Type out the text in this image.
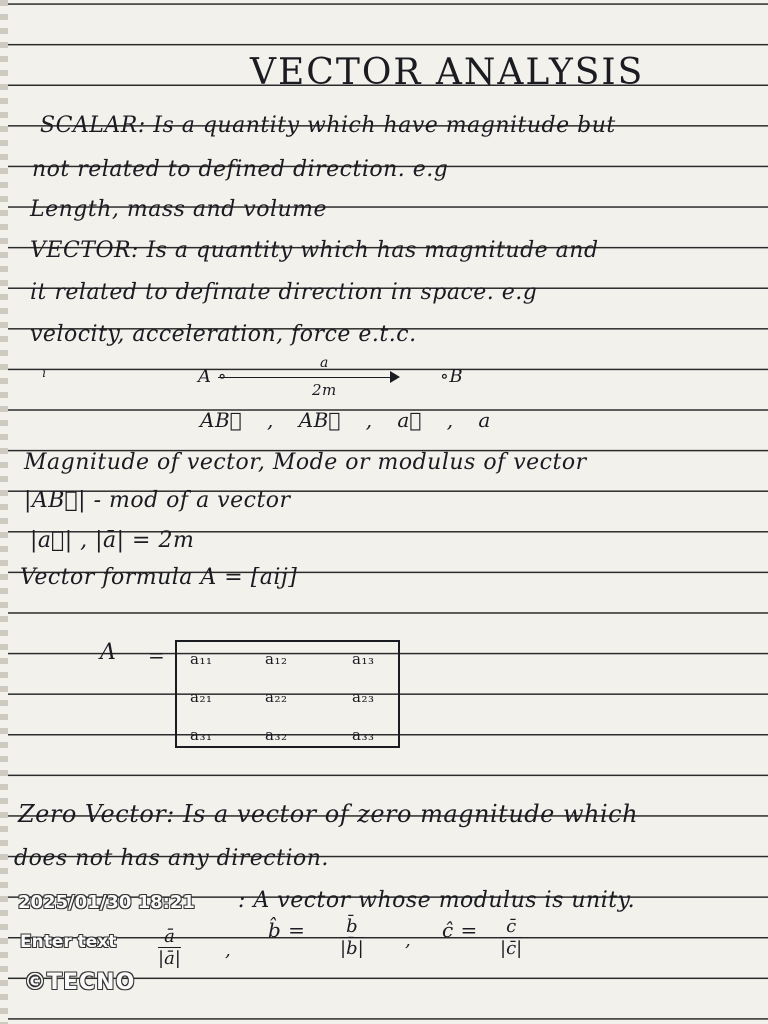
VECTOR ANALYSIS
SCALAR: Is a quantity which have magnitude but
not related to defined direction. e.g
Length, mass and volume
VECTOR: Is a quantity which has magnitude and
it related to definate direction in space. e.g
velocity, acceleration, force e.t.c.
ı	A ∘	∘B
a
2m
AB⃗ , AB⃗ , a⃗ , a
Magnitude of vector, Mode or modulus of vector
|AB⃗| - mod of a vector
|a⃗| , |ā| = 2m
Vector formula A = [aij]
A = a₁₁	a₁₂	a₁₃
a₂₁	a₂₂	a₂₃
a₃₁	a₃₂	a₃₃
Zero Vector: Is a vector of zero magnitude which
does not has any direction.
: A vector whose modulus is unity.
$\frac{ā}{|ā|}$ ,
b̂ = $\frac{b̄}{|b̄|}$ , ĉ = $\frac{c̄}{|c̄|}$
2025/01/30 18:21
Enter text
©TECNO
